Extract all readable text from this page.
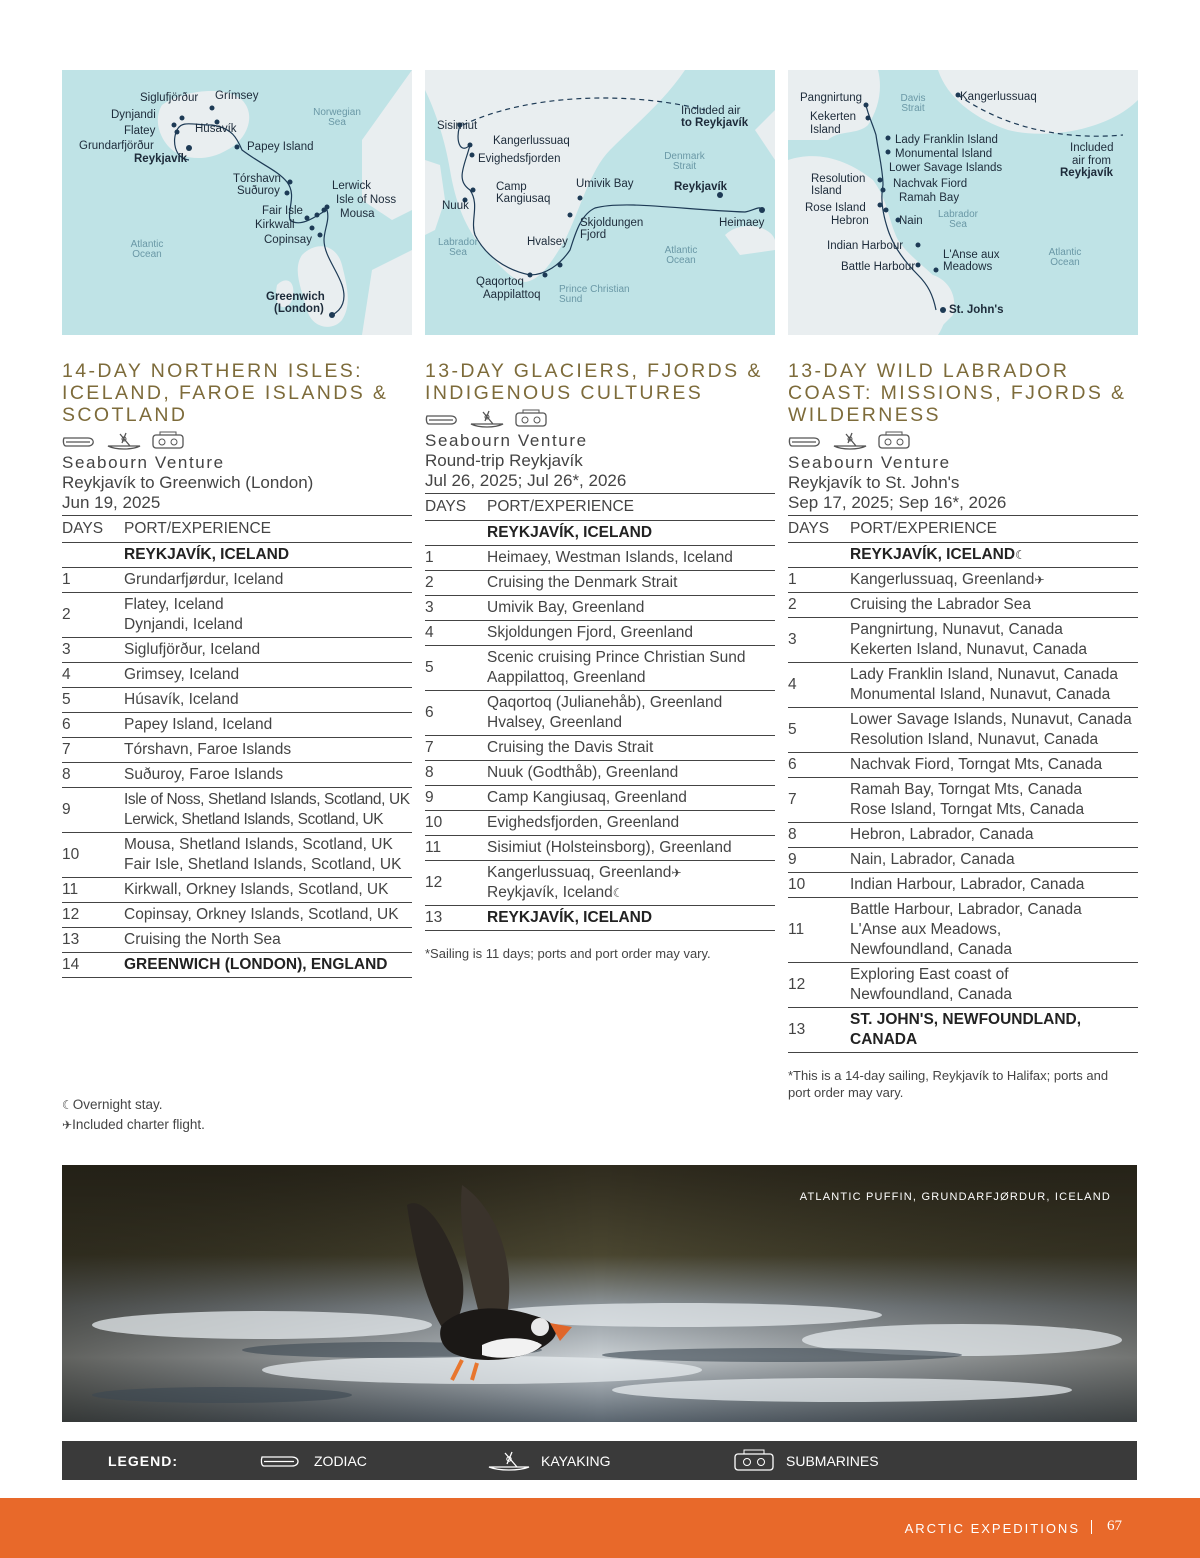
Siglufjörður Grímsey
Dynjandi
Flatey	Húsavík
Grundarfjörður
Reykjavík
Papey Island
Tórshavn
Suðuroy	Lerwick
Isle of Noss
Fair Isle	Mousa
Kirkwall
Copinsay
Greenwich
(London)
Norwegian Sea
Atlantic Ocean
Included air
to Reykjavík
Sisimiut
Kangerlussuaq
Evighedsfjorden
Camp
Kangiusaq
Nuuk
Umivik Bay	Reykjavík
Skjoldungen
Fjord
Heimaey
Hvalsey
Qaqortoq
Aappilattoq
Denmark Strait
Labrador Sea	Atlantic Ocean
Prince Christian Sund
Pangnirtung	Kangerlussuaq
Kekerten
Island
Lady Franklin Island
Monumental Island
Lower Savage Islands
Included
air from
Reykjavík
Resolution
Island
Nachvak Fiord
Ramah Bay
Rose Island
Hebron	Nain
Indian Harbour
L'Anse aux
Meadows
Battle Harbour
St. John's
Davis Strait
Labrador Sea
Atlantic Ocean
14-DAY NORTHERN ISLES: ICELAND, FAROE ISLANDS & SCOTLAND
Seabourn Venture
Reykjavík to Greenwich (London)
Jun 19, 2025
DAYS	PORT/EXPERIENCE
	REYKJAVÍK, ICELAND
1	Grundarfjørdur, Iceland
2	Flatey, Iceland
Dynjandi, Iceland

3	Siglufjörður, Iceland
4	Grimsey, Iceland
5	Húsavík, Iceland
6	Papey Island, Iceland
7	Tórshavn, Faroe Islands
8	Suðuroy, Faroe Islands
9	Isle of Noss, Shetland Islands, Scotland, UK
Lerwick, Shetland Islands, Scotland, UK

10	Mousa, Shetland Islands, Scotland, UK
Fair Isle, Shetland Islands, Scotland, UK

11	Kirkwall, Orkney Islands, Scotland, UK
12	Copinsay, Orkney Islands, Scotland, UK
13	Cruising the North Sea
14	GREENWICH (LONDON), ENGLAND
13-DAY GLACIERS, FJORDS & INDIGENOUS CULTURES
Seabourn Venture
Round-trip Reykjavík
Jul 26, 2025; Jul 26*, 2026
DAYS	PORT/EXPERIENCE
	REYKJAVÍK, ICELAND
1	Heimaey, Westman Islands, Iceland
2	Cruising the Denmark Strait
3	Umivik Bay, Greenland
4	Skjoldungen Fjord, Greenland
5	Scenic cruising Prince Christian Sund
Aappilattoq, Greenland

6	Qaqortoq (Julianehåb), Greenland
Hvalsey, Greenland

7	Cruising the Davis Strait
8	Nuuk (Godthåb), Greenland
9	Camp Kangiusaq, Greenland
10	Evighedsfjorden, Greenland
11	Sisimiut (Holsteinsborg), Greenland
12	Kangerlussuaq, Greenland✈
Reykjavík, Iceland☾

13	REYKJAVÍK, ICELAND
*Sailing is 11 days; ports and port order may vary.
13-DAY WILD LABRADOR COAST: MISSIONS, FJORDS & WILDERNESS
Seabourn Venture
Reykjavík to St. John's
Sep 17, 2025; Sep 16*, 2026
DAYS	PORT/EXPERIENCE
	REYKJAVÍK, ICELAND☾
1	Kangerlussuaq, Greenland✈
2	Cruising the Labrador Sea
3	Pangnirtung, Nunavut, Canada
Kekerten Island, Nunavut, Canada

4	Lady Franklin Island, Nunavut, Canada
Monumental Island, Nunavut, Canada

5	Lower Savage Islands, Nunavut, Canada
Resolution Island, Nunavut, Canada

6	Nachvak Fiord, Torngat Mts, Canada
7	Ramah Bay, Torngat Mts, Canada
Rose Island, Torngat Mts, Canada

8	Hebron, Labrador, Canada
9	Nain, Labrador, Canada
10	Indian Harbour, Labrador, Canada
11	Battle Harbour, Labrador, Canada
L'Anse aux Meadows,
Newfoundland, Canada

12	Exploring East coast of
Newfoundland, Canada

13	ST. JOHN'S, NEWFOUNDLAND,
CANADA
*This is a 14-day sailing, Reykjavík to Halifax; ports and port order may vary.
☾Overnight stay.
✈Included charter flight.
ATLANTIC PUFFIN, GRUNDARFJØRDUR, ICELAND
LEGEND:	ZODIAC	KAYAKING	SUBMARINES
ARCTIC EXPEDITIONS 67
